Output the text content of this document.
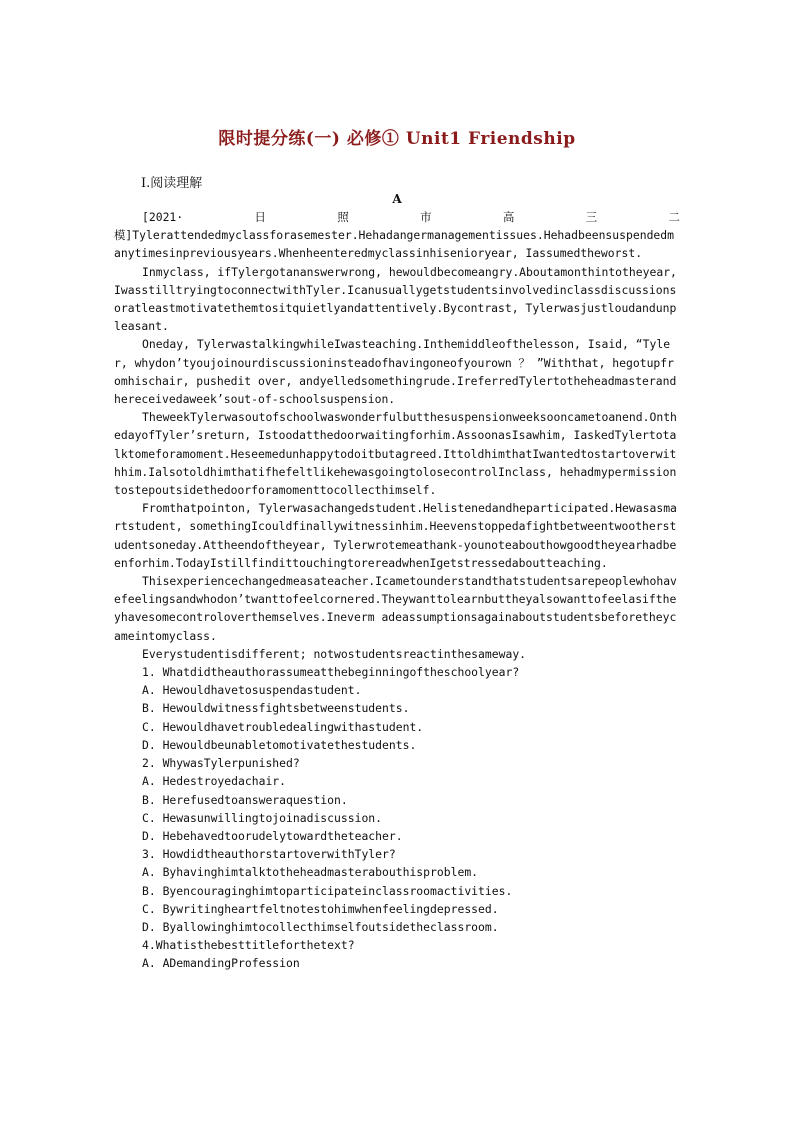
限时提分练(一) 必修① Unit1 Friendship
Ⅰ.阅读理解
A
[2021·	日	照	市	高	三	二

模]Tylerattendedmyclassforasemester.Hehadangermanagementissues.Hehadbeensuspendedmanytimesinpreviousyears.Whenheenteredmyclassinhisenioryear, Iassumedtheworst.

Inmyclass, ifTylergotananswerwrong, hewouldbecomeangry.Aboutamonthintotheyear, IwasstilltryingtoconnectwithTyler.Icanusuallygetstudentsinvolvedinclassdiscussionsoratleastmotivatethemtositquietlyandattentively.Bycontrast, Tylerwasjustloudandunpleasant.

Oneday, TylerwastalkingwhileIwasteaching.Inthemiddleofthelesson, Isaid, “Tyler, whydon’tyoujoinourdiscussioninsteadofhavingoneofyourown ？ ”Withthat, hegotupfromhischair, pushedit over, andyelledsomethingrude.IreferredTylertotheheadmasterandhereceivedaweek’sout-of-schoolsuspension.

TheweekTylerwasoutofschoolwaswonderfulbutthesuspensionweeksooncametoanend.OnthedayofTyler’sreturn, Istoodatthedoorwaitingforhim.AssoonasIsawhim, IaskedTylertotalktomeforamoment.Heseemedunhappytodoitbutagreed.IttoldhimthatIwantedtostartoverwithhim.IalsotoldhimthatifhefeltlikehewasgoingtolosecontrolInclass, hehadmypermissiontostepoutsidethedoorforamomenttocollecthimself.

Fromthatpointon, Tylerwasachangedstudent.Helistenedandheparticipated.Hewasasmartstudent, somethingIcouldfinallywitnessinhim.Heevenstoppedafightbetweentwootherstudentsoneday.Attheendoftheyear, Tylerwrotemeathank-younoteabouthowgoodtheyearhadbeenforhim.TodayIstillfindittouchingtorereadwhenIgetstressedaboutteaching.

Thisexperiencechangedmeasateacher.Icametounderstandthatstudentsarepeoplewhohavefeelingsandwhodon’twanttofeelcornered.Theywanttolearnbuttheyalsowanttofeelasiftheyhavesomecontroloverthemselves.Ineverm adeassumptionsagainaboutstudentsbeforetheycameintomyclass.

Everystudentisdifferent; notwostudentsreactinthesameway.

1. Whatdidtheauthorassumeatthebeginningoftheschoolyear?

A. Hewouldhavetosuspendastudent.

B. Hewouldwitnessfightsbetweenstudents.

C. Hewouldhavetroubledealingwithastudent.

D. Hewouldbeunabletomotivatethestudents.

2. WhywasTylerpunished?

A. Hedestroyedachair.

B. Herefusedtoansweraquestion.

C. Hewasunwillingtojoinadiscussion.

D. Hebehavedtoorudelytowardtheteacher.

3. HowdidtheauthorstartoverwithTyler?

A. Byhavinghimtalktotheheadmasterabouthisproblem.

B. Byencouraginghimtoparticipateinclassroomactivities.

C. Bywritingheartfeltnotestohimwhenfeelingdepressed.

D. Byallowinghimtocollecthimselfoutsidetheclassroom.

4.Whatisthebesttitleforthetext?

A. ADemandingProfession
